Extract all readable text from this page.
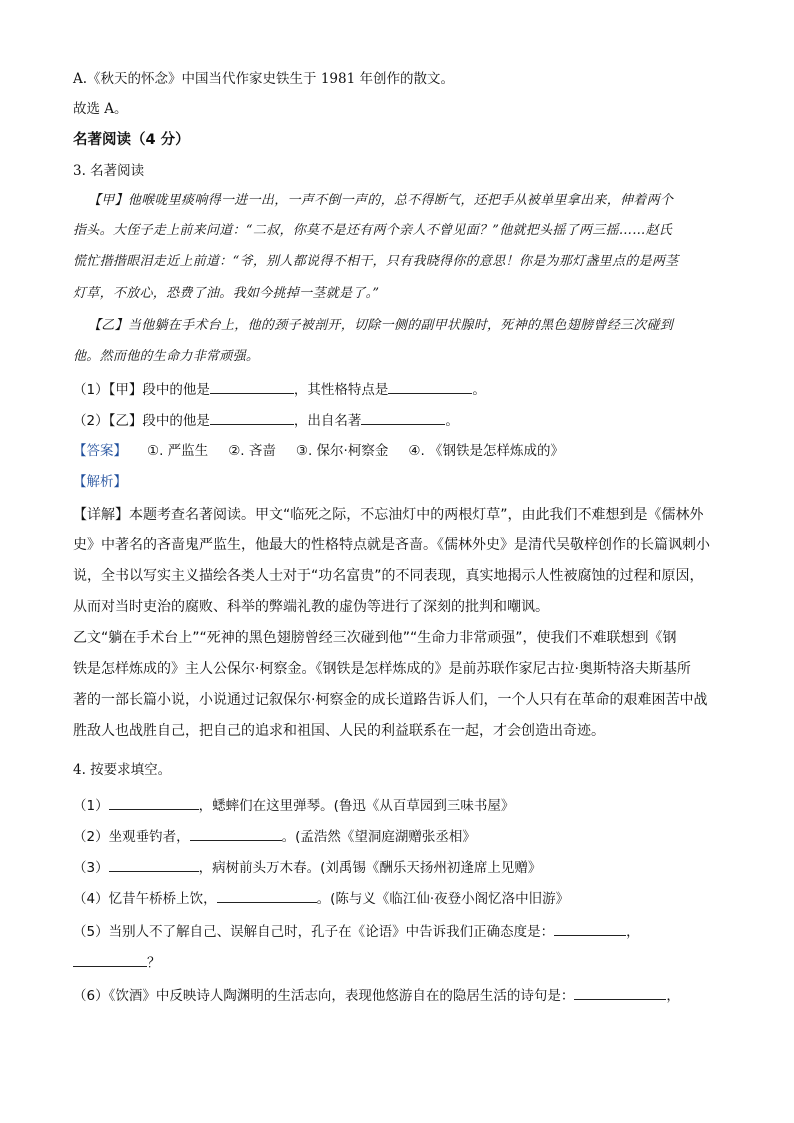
A.《秋天的怀念》中国当代作家史铁生于 1981 年创作的散文。
故选 A。
名著阅读（4 分）
3. 名著阅读
【甲】他喉咙里痰响得一进一出，一声不倒一声的，总不得断气，还把手从被单里拿出来，伸着两个
指头。大侄子走上前来问道：“二叔，你莫不是还有两个亲人不曾见面？”他就把头摇了两三摇……赵氏
慌忙揩揩眼泪走近上前道：“爷，别人都说得不相干，只有我晓得你的意思！你是为那灯盏里点的是两茎
灯草，不放心，恐费了油。我如今挑掉一茎就是了。”
【乙】当他躺在手术台上，他的颈子被剖开，切除一侧的副甲状腺时，死神的黑色翅膀曾经三次碰到
他。然而他的生命力非常顽强。
（1）【甲】段中的他是	，其性格特点是	。
（2）【乙】段中的他是	，出自名著	。
【答案】 ①. 严监生 ②. 吝啬 ③. 保尔·柯察金 ④. 《钢铁是怎样炼成的》
【解析】
【详解】本题考查名著阅读。甲文“临死之际，不忘油灯中的两根灯草”，由此我们不难想到是《儒林外
史》中著名的吝啬鬼严监生，他最大的性格特点就是吝啬。《儒林外史》是清代吴敬梓创作的长篇讽刺小
说，全书以写实主义描绘各类人士对于“功名富贵”的不同表现，真实地揭示人性被腐蚀的过程和原因，
从而对当时吏治的腐败、科举的弊端礼教的虚伪等进行了深刻的批判和嘲讽。
乙文“躺在手术台上”“死神的黑色翅膀曾经三次碰到他”“生命力非常顽强”，使我们不难联想到《钢
铁是怎样炼成的》主人公保尔·柯察金。《钢铁是怎样炼成的》是前苏联作家尼古拉·奥斯特洛夫斯基所
著的一部长篇小说，小说通过记叙保尔·柯察金的成长道路告诉人们，一个人只有在革命的艰难困苦中战
胜敌人也战胜自己，把自己的追求和祖国、人民的利益联系在一起，才会创造出奇迹。
4. 按要求填空。
（1）	，蟋蟀们在这里弹琴。(鲁迅《从百草园到三味书屋》
（2）坐观垂钓者，	。(孟浩然《望洞庭湖赠张丞相》
（3）	，病树前头万木春。(刘禹锡《酬乐天扬州初逢席上见赠》
（4）忆昔午桥桥上饮，	。(陈与义《临江仙·夜登小阁忆洛中旧游》
（5）当别人不了解自己、误解自己时，孔子在《论语》中告诉我们正确态度是：	，
？
（6）《饮酒》中反映诗人陶渊明的生活志向，表现他悠游自在的隐居生活的诗句是：	，
